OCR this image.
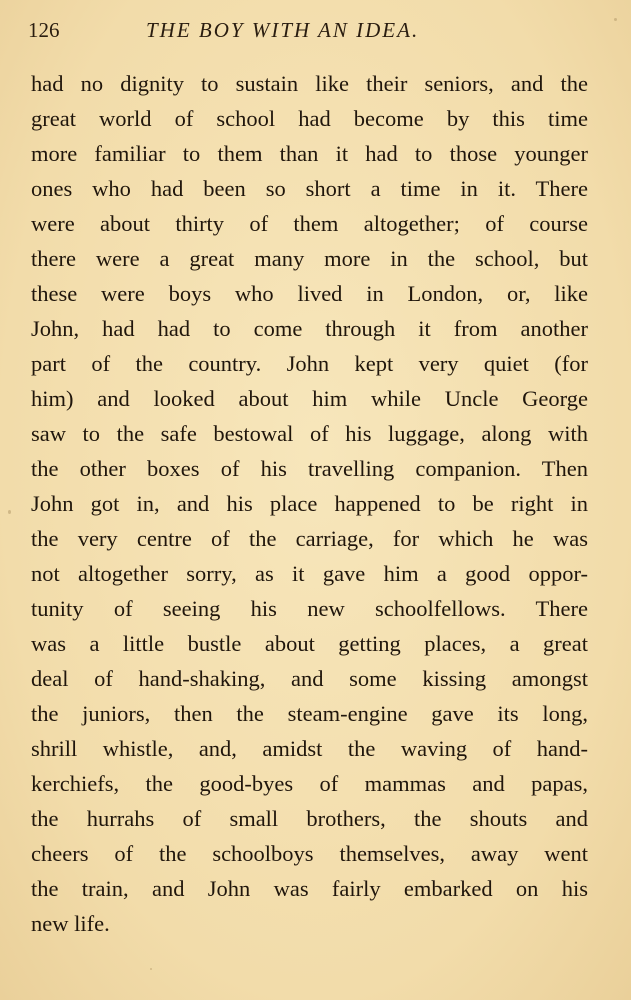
126	THE BOY WITH AN IDEA.
had no dignity to sustain like their seniors, and the
great world of school had become by this time
more familiar to them than it had to those younger
ones who had been so short a time in it. There
were about thirty of them altogether; of course
there were a great many more in the school, but
these were boys who lived in London, or, like
John, had had to come through it from another
part of the country. John kept very quiet (for
him) and looked about him while Uncle George
saw to the safe bestowal of his luggage, along with
the other boxes of his travelling companion. Then
John got in, and his place happened to be right in
the very centre of the carriage, for which he was
not altogether sorry, as it gave him a good oppor-
tunity of seeing his new schoolfellows. There
was a little bustle about getting places, a great
deal of hand-shaking, and some kissing amongst
the juniors, then the steam-engine gave its long,
shrill whistle, and, amidst the waving of hand-
kerchiefs, the good-byes of mammas and papas,
the hurrahs of small brothers, the shouts and
cheers of the schoolboys themselves, away went
the train, and John was fairly embarked on his
new life.
